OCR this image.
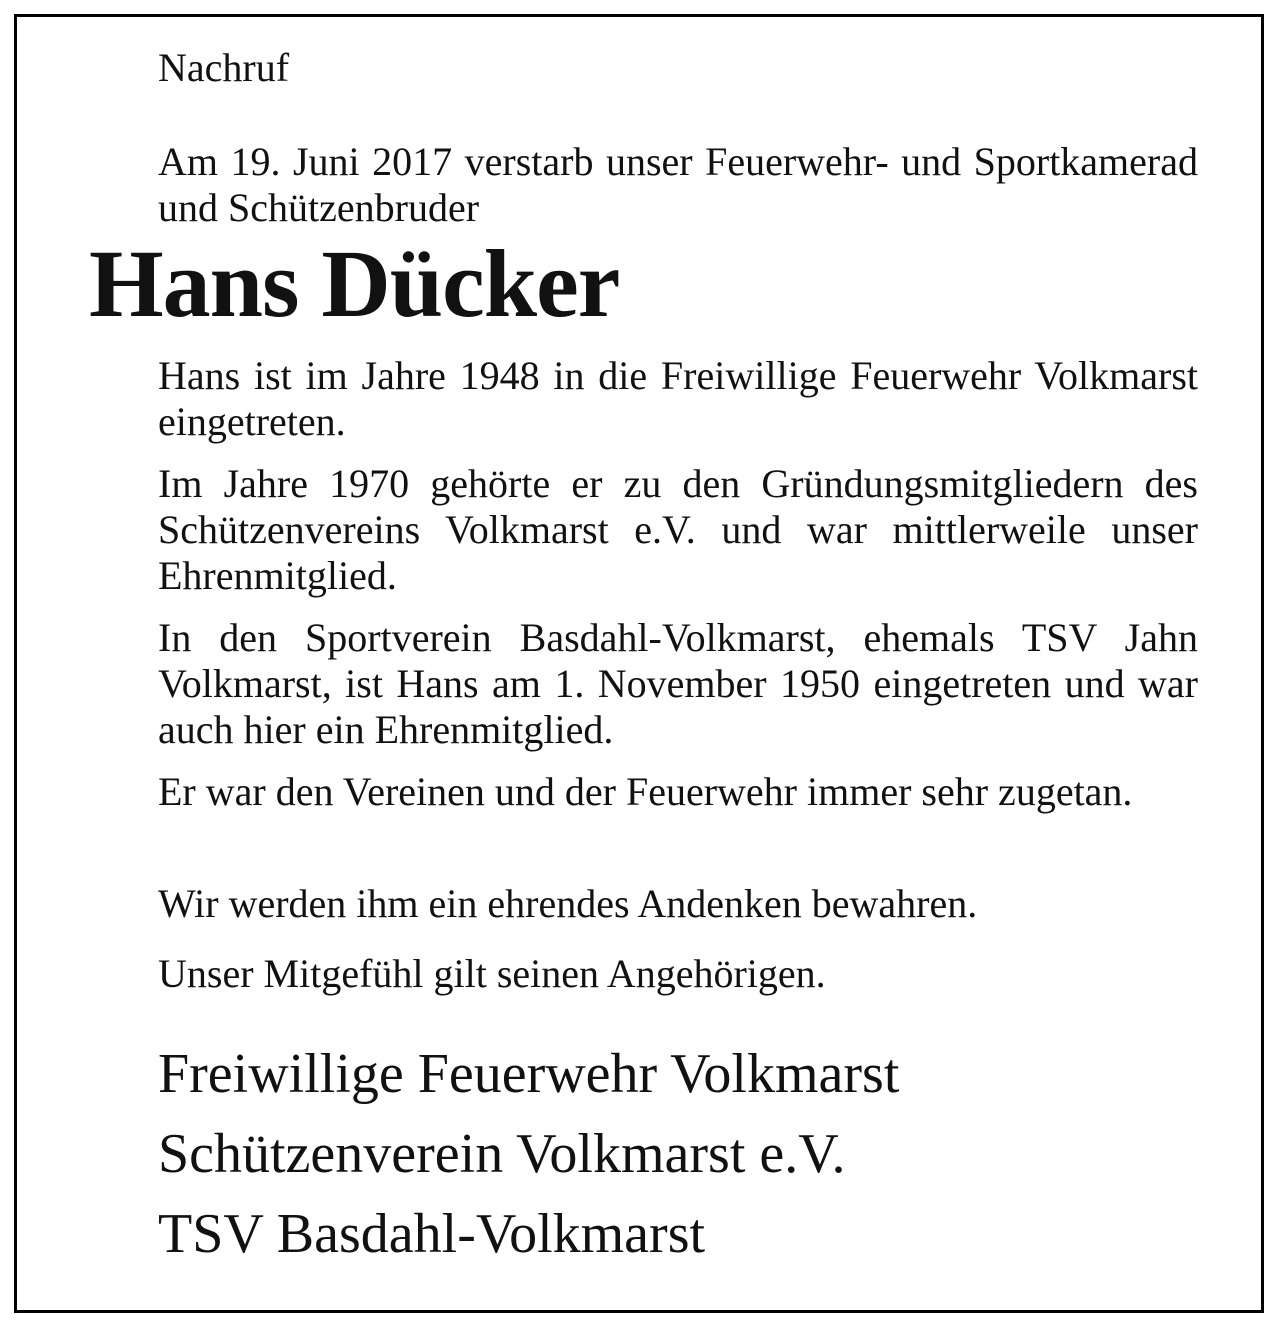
Nachruf

Am 19. Juni 2017 verstarb unser Feuerwehr- und Sportkamerad und Schützenbruder

Hans Dücker

Hans ist im Jahre 1948 in die Freiwillige Feuerwehr Volkmarst eingetreten.

Im Jahre 1970 gehörte er zu den Gründungsmitgliedern des Schützenvereins Volkmarst e.V. und war mittlerweile unser Ehrenmitglied.

In den Sportverein Basdahl-Volkmarst, ehemals TSV Jahn Volkmarst, ist Hans am 1. November 1950 eingetreten und war auch hier ein Ehrenmitglied.

Er war den Vereinen und der Feuerwehr immer sehr zugetan.

Wir werden ihm ein ehrendes Andenken bewahren.

Unser Mitgefühl gilt seinen Angehörigen.

Freiwillige Feuerwehr Volkmarst

Schützenverein Volkmarst e.V.

TSV Basdahl-Volkmarst
